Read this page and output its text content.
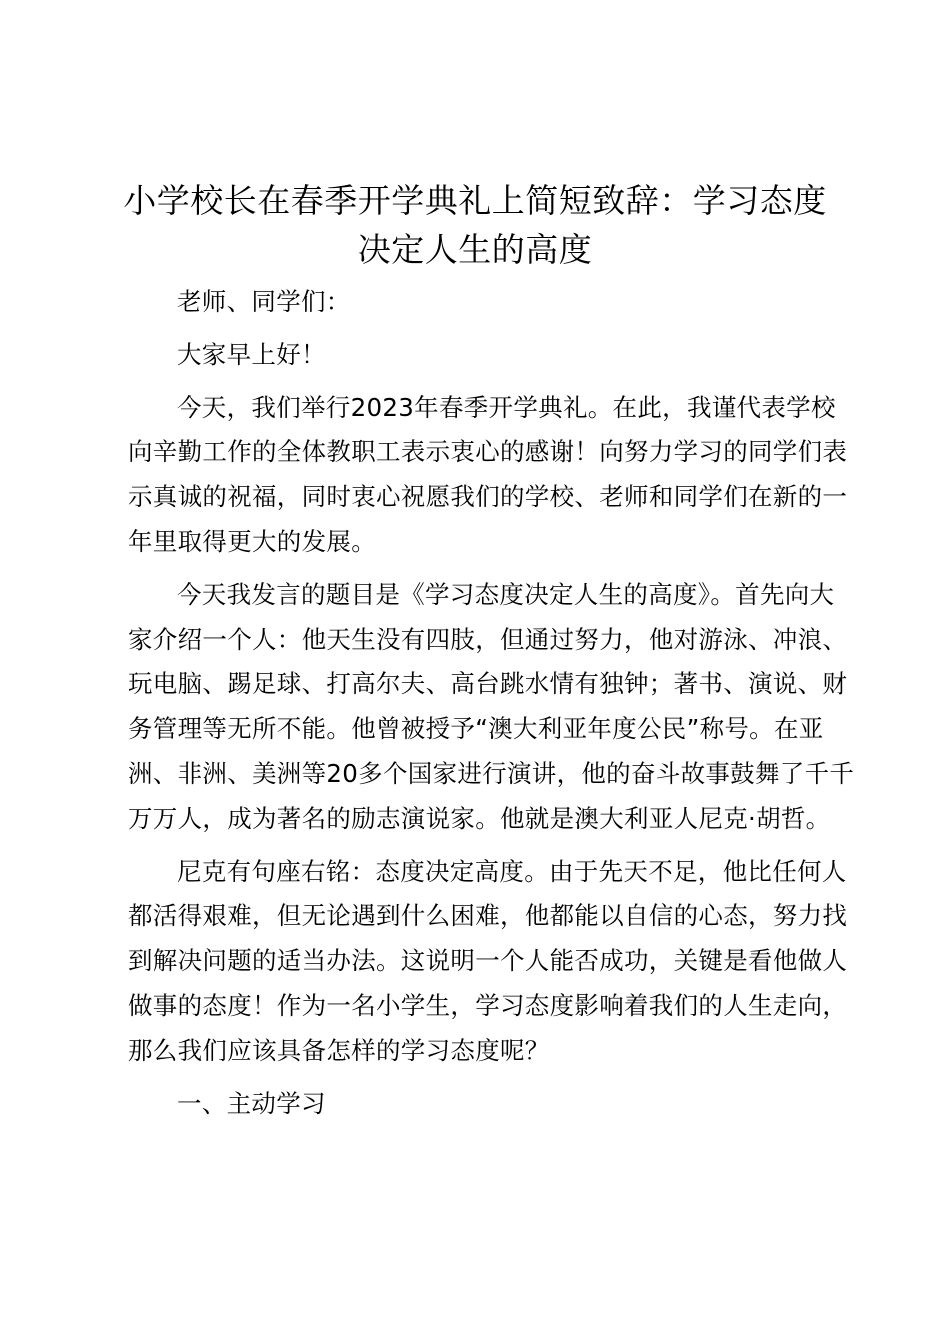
小学校长在春季开学典礼上简短致辞：学习态度决定人生的高度

老师、同学们：

大家早上好！

今天，我们举行2023年春季开学典礼。在此，我谨代表学校向辛勤工作的全体教职工表示衷心的感谢！向努力学习的同学们表示真诚的祝福，同时衷心祝愿我们的学校、老师和同学们在新的一年里取得更大的发展。

今天我发言的题目是《学习态度决定人生的高度》。首先向大家介绍一个人：他天生没有四肢，但通过努力，他对游泳、冲浪、玩电脑、踢足球、打高尔夫、高台跳水情有独钟；著书、演说、财务管理等无所不能。他曾被授予“澳大利亚年度公民”称号。在亚洲、非洲、美洲等20多个国家进行演讲，他的奋斗故事鼓舞了千千万万人，成为著名的励志演说家。他就是澳大利亚人尼克·胡哲。

尼克有句座右铭：态度决定高度。由于先天不足，他比任何人都活得艰难，但无论遇到什么困难，他都能以自信的心态，努力找到解决问题的适当办法。这说明一个人能否成功，关键是看他做人做事的态度！作为一名小学生，学习态度影响着我们的人生走向，那么我们应该具备怎样的学习态度呢？

一、主动学习
